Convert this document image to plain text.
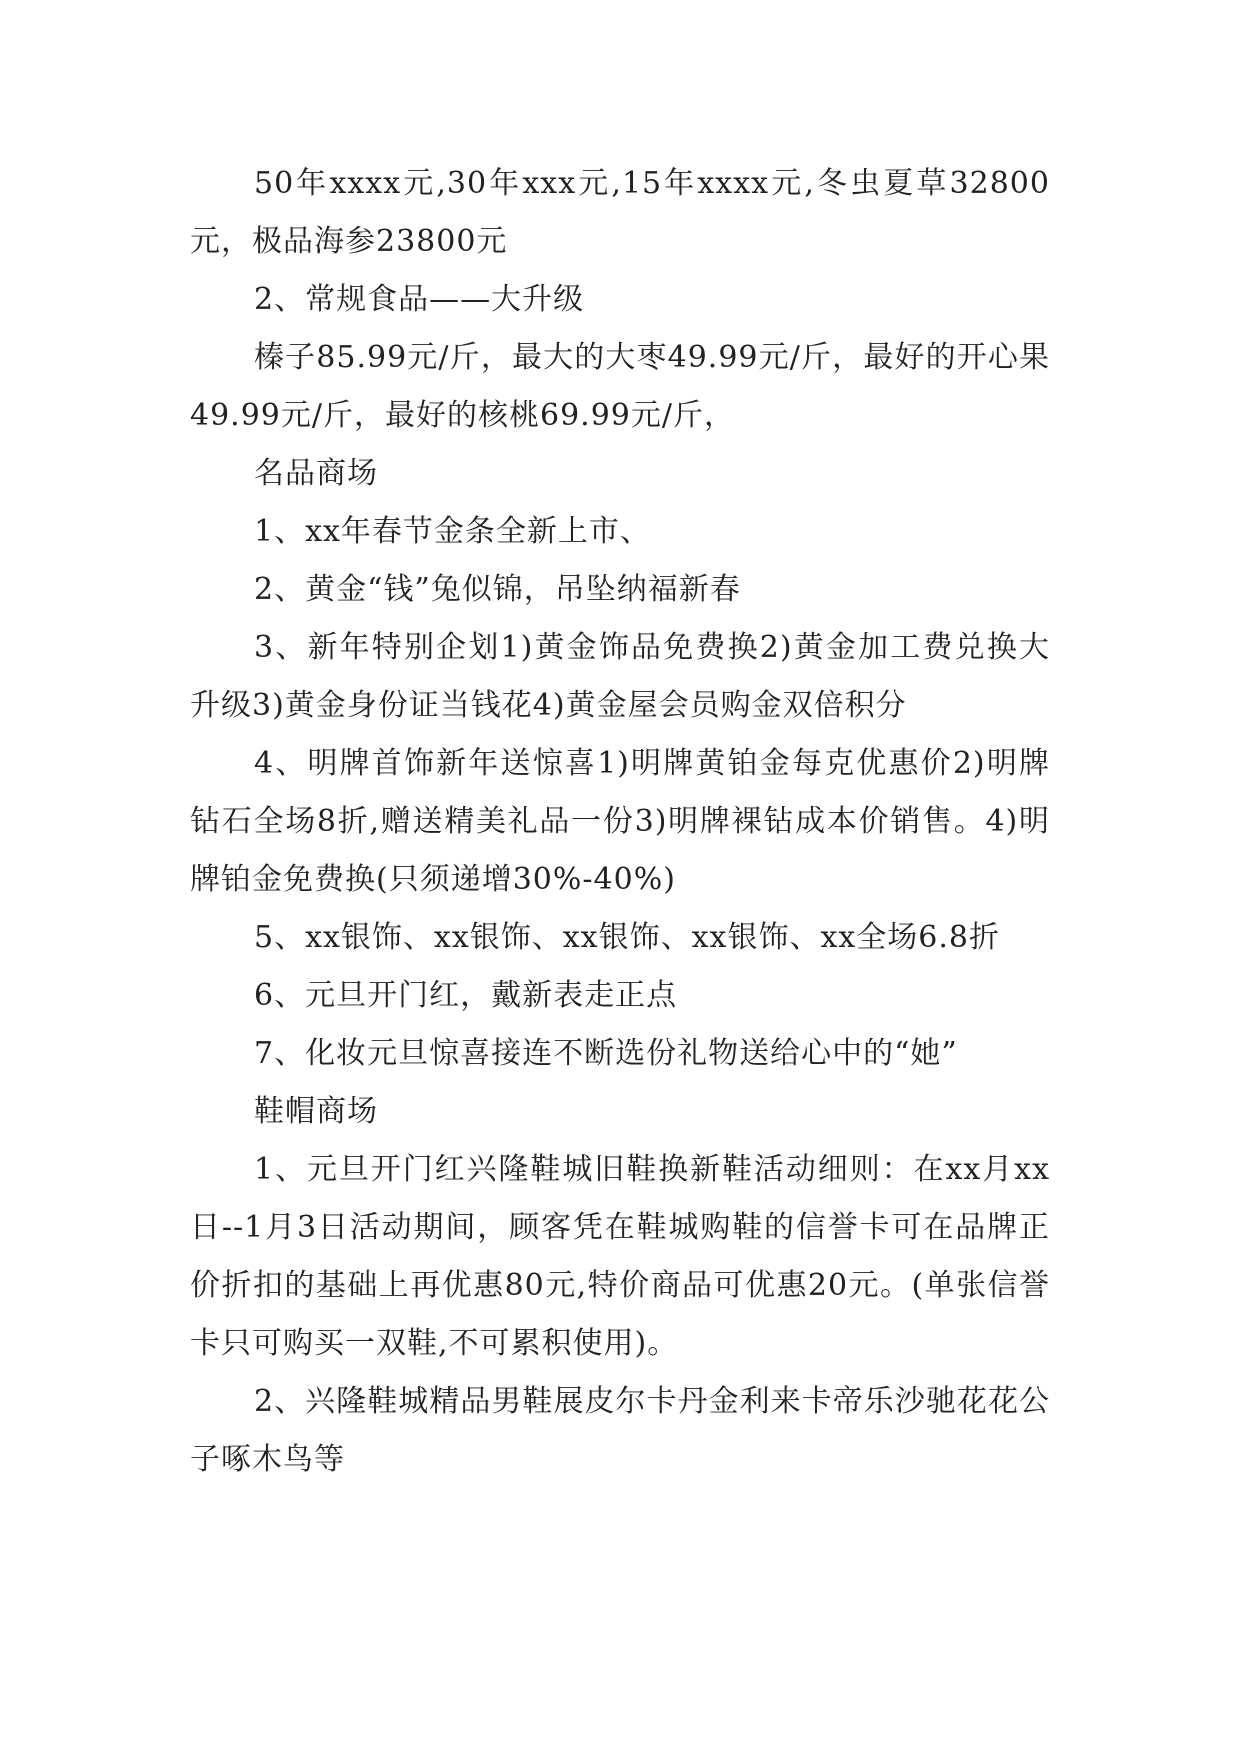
50年xxxx元,30年xxx元,15年xxxx元,冬虫夏草32800元，极品海参23800元

2、常规食品——大升级

榛子85.99元/斤，最大的大枣49.99元/斤，最好的开心果49.99元/斤，最好的核桃69.99元/斤，

名品商场

1、xx年春节金条全新上市、

2、黄金“钱”兔似锦，吊坠纳福新春

3、新年特别企划1)黄金饰品免费换2)黄金加工费兑换大升级3)黄金身份证当钱花4)黄金屋会员购金双倍积分

4、明牌首饰新年送惊喜1)明牌黄铂金每克优惠价2)明牌钻石全场8折,赠送精美礼品一份3)明牌裸钻成本价销售。4)明牌铂金免费换(只须递增30%-40%)

5、xx银饰、xx银饰、xx银饰、xx银饰、xx全场6.8折

6、元旦开门红，戴新表走正点

7、化妆元旦惊喜接连不断选份礼物送给心中的“她”

鞋帽商场

1、元旦开门红兴隆鞋城旧鞋换新鞋活动细则：在xx月xx日--1月3日活动期间，顾客凭在鞋城购鞋的信誉卡可在品牌正价折扣的基础上再优惠80元,特价商品可优惠20元。(单张信誉卡只可购买一双鞋,不可累积使用)。

2、兴隆鞋城精品男鞋展皮尔卡丹金利来卡帝乐沙驰花花公子啄木鸟等
